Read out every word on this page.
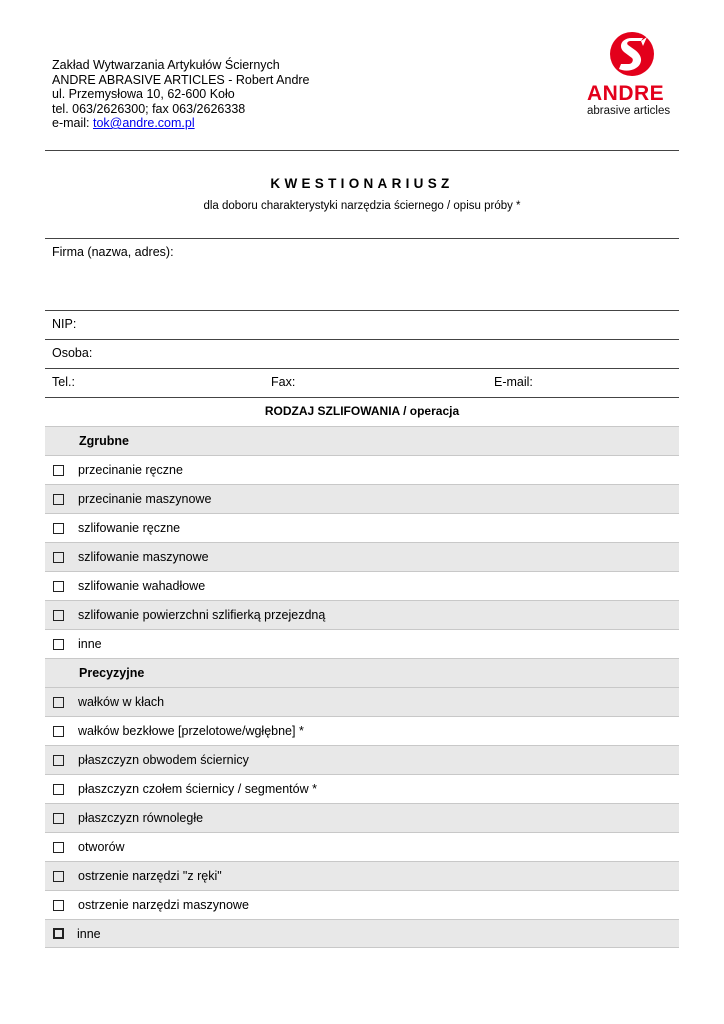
Zakład Wytwarzania Artykułów Ściernych
ANDRE ABRASIVE ARTICLES - Robert Andre
ul. Przemysłowa 10, 62-600 Koło
tel. 063/2626300; fax 063/2626338
e-mail: tok@andre.com.pl
ANDRE
abrasive articles
KWESTIONARIUSZ
dla doboru charakterystyki narzędzia ściernego / opisu próby *
Firma (nazwa, adres):
NIP:
Osoba:
Tel.:	Fax:	E-mail:
RODZAJ SZLIFOWANIA / operacja
Zgrubne
przecinanie ręczne
przecinanie maszynowe
szlifowanie ręczne
szlifowanie maszynowe
szlifowanie wahadłowe
szlifowanie powierzchni szlifierką przejezdną
inne
Precyzyjne
wałków w kłach
wałków bezkłowe [przelotowe/wgłębne] *
płaszczyzn obwodem ściernicy
płaszczyzn czołem ściernicy / segmentów *
płaszczyzn równoległe
otworów
ostrzenie narzędzi "z ręki"
ostrzenie narzędzi maszynowe
inne
